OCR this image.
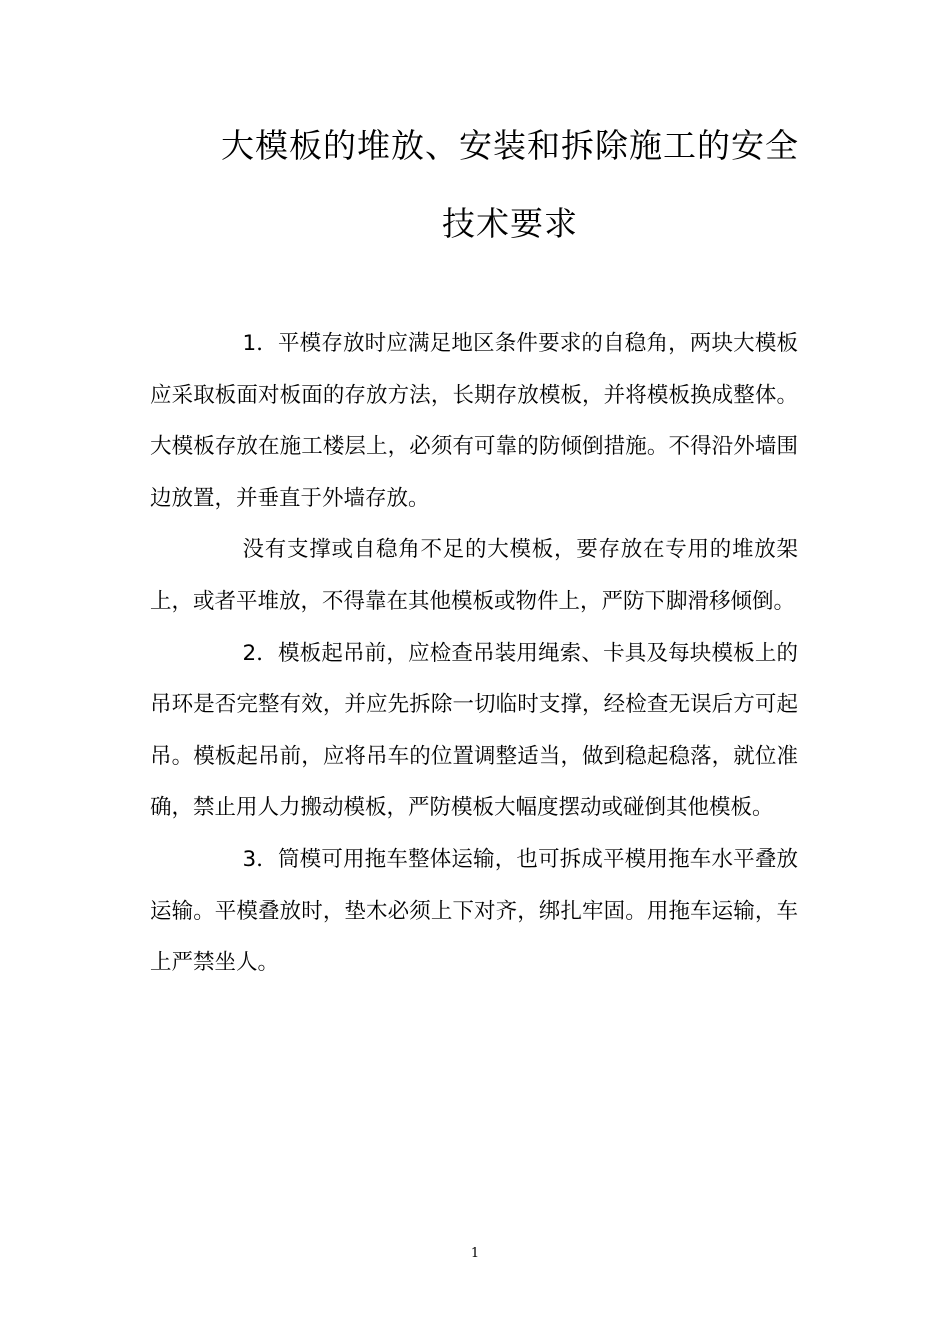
大模板的堆放、安装和拆除施工的安全
技术要求

1．平模存放时应满足地区条件要求的自稳角，两块大模板应采取板面对板面的存放方法，长期存放模板，并将模板换成整体。大模板存放在施工楼层上，必须有可靠的防倾倒措施。不得沿外墙围边放置，并垂直于外墙存放。

没有支撑或自稳角不足的大模板，要存放在专用的堆放架上，或者平堆放，不得靠在其他模板或物件上，严防下脚滑移倾倒。

2．模板起吊前，应检查吊装用绳索、卡具及每块模板上的吊环是否完整有效，并应先拆除一切临时支撑，经检查无误后方可起吊。模板起吊前，应将吊车的位置调整适当，做到稳起稳落，就位准确，禁止用人力搬动模板，严防模板大幅度摆动或碰倒其他模板。

3．筒模可用拖车整体运输，也可拆成平模用拖车水平叠放运输。平模叠放时，垫木必须上下对齐，绑扎牢固。用拖车运输，车上严禁坐人。

1
